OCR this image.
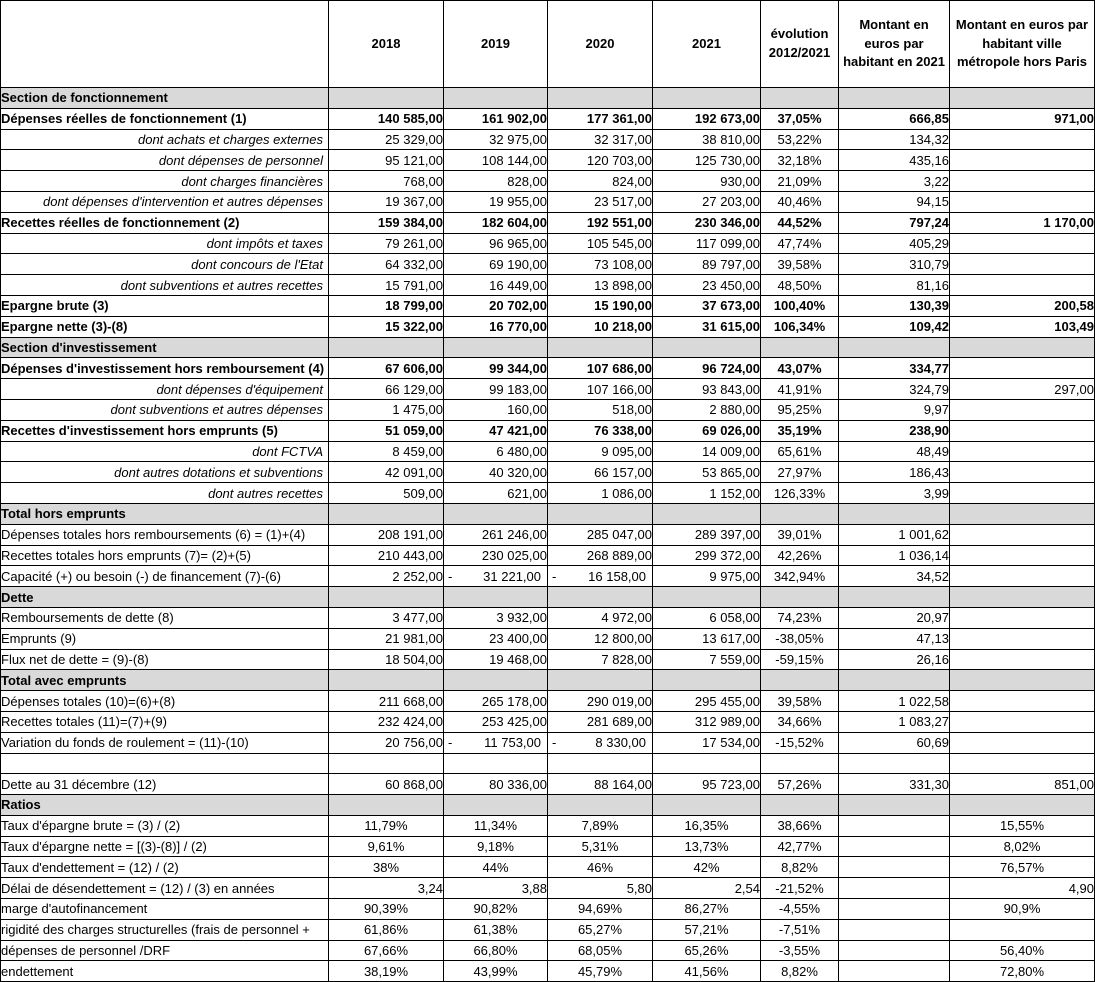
	2018	2019	2020	2021	évolution 2012/2021	Montant en euros par habitant en 2021	Montant en euros par habitant ville métropole hors Paris
Section de fonctionnement							
Dépenses réelles de fonctionnement (1)	140 585,00	161 902,00	177 361,00	192 673,00	37,05%	666,85	971,00
dont achats et charges externes	25 329,00	32 975,00	32 317,00	38 810,00	53,22%	134,32	
dont dépenses de personnel	95 121,00	108 144,00	120 703,00	125 730,00	32,18%	435,16	
dont charges financières	768,00	828,00	824,00	930,00	21,09%	3,22	
dont dépenses d'intervention et autres dépenses	19 367,00	19 955,00	23 517,00	27 203,00	40,46%	94,15	
Recettes réelles de fonctionnement (2)	159 384,00	182 604,00	192 551,00	230 346,00	44,52%	797,24	1 170,00
dont impôts et taxes	79 261,00	96 965,00	105 545,00	117 099,00	47,74%	405,29	
dont concours de l'Etat	64 332,00	69 190,00	73 108,00	89 797,00	39,58%	310,79	
dont subventions et autres recettes	15 791,00	16 449,00	13 898,00	23 450,00	48,50%	81,16	
Epargne brute (3)	18 799,00	20 702,00	15 190,00	37 673,00	100,40%	130,39	200,58
Epargne nette (3)-(8)	15 322,00	16 770,00	10 218,00	31 615,00	106,34%	109,42	103,49
Section d'investissement							
Dépenses d'investissement hors remboursement (4)	67 606,00	99 344,00	107 686,00	96 724,00	43,07%	334,77	
dont dépenses d'équipement	66 129,00	99 183,00	107 166,00	93 843,00	41,91%	324,79	297,00
dont subventions et autres dépenses	1 475,00	160,00	518,00	2 880,00	95,25%	9,97	
Recettes d'investissement hors emprunts (5)	51 059,00	47 421,00	76 338,00	69 026,00	35,19%	238,90	
dont FCTVA	8 459,00	6 480,00	9 095,00	14 009,00	65,61%	48,49	
dont autres dotations et subventions	42 091,00	40 320,00	66 157,00	53 865,00	27,97%	186,43	
dont autres recettes	509,00	621,00	1 086,00	1 152,00	126,33%	3,99	
Total hors emprunts							
Dépenses totales hors remboursements (6) = (1)+(4)	208 191,00	261 246,00	285 047,00	289 397,00	39,01%	1 001,62	
Recettes totales hors emprunts (7)= (2)+(5)	210 443,00	230 025,00	268 889,00	299 372,00	42,26%	1 036,14	
Capacité (+) ou besoin (-) de financement (7)-(6)	2 252,00	- 31 221,00	- 16 158,00	9 975,00	342,94%	34,52	
Dette							
Remboursements de dette (8)	3 477,00	3 932,00	4 972,00	6 058,00	74,23%	20,97	
Emprunts (9)	21 981,00	23 400,00	12 800,00	13 617,00	-38,05%	47,13	
Flux net de dette = (9)-(8)	18 504,00	19 468,00	7 828,00	7 559,00	-59,15%	26,16	
Total avec emprunts							
Dépenses totales (10)=(6)+(8)	211 668,00	265 178,00	290 019,00	295 455,00	39,58%	1 022,58	
Recettes totales (11)=(7)+(9)	232 424,00	253 425,00	281 689,00	312 989,00	34,66%	1 083,27	
Variation du fonds de roulement = (11)-(10)	20 756,00	- 11 753,00	- 8 330,00	17 534,00	-15,52%	60,69	

Dette au 31 décembre (12)	60 868,00	80 336,00	88 164,00	95 723,00	57,26%	331,30	851,00
Ratios							
Taux d'épargne brute = (3) / (2)	11,79%	11,34%	7,89%	16,35%	38,66%		15,55%
Taux d'épargne nette = [(3)-(8)] / (2)	9,61%	9,18%	5,31%	13,73%	42,77%		8,02%
Taux d'endettement = (12) / (2)	38%	44%	46%	42%	8,82%		76,57%
Délai de désendettement = (12) / (3) en années	3,24	3,88	5,80	2,54	-21,52%		4,90
marge d'autofinancement	90,39%	90,82%	94,69%	86,27%	-4,55%		90,9%
rigidité des charges structurelles (frais de personnel +	61,86%	61,38%	65,27%	57,21%	-7,51%		
dépenses de personnel /DRF	67,66%	66,80%	68,05%	65,26%	-3,55%		56,40%
endettement	38,19%	43,99%	45,79%	41,56%	8,82%		72,80%
